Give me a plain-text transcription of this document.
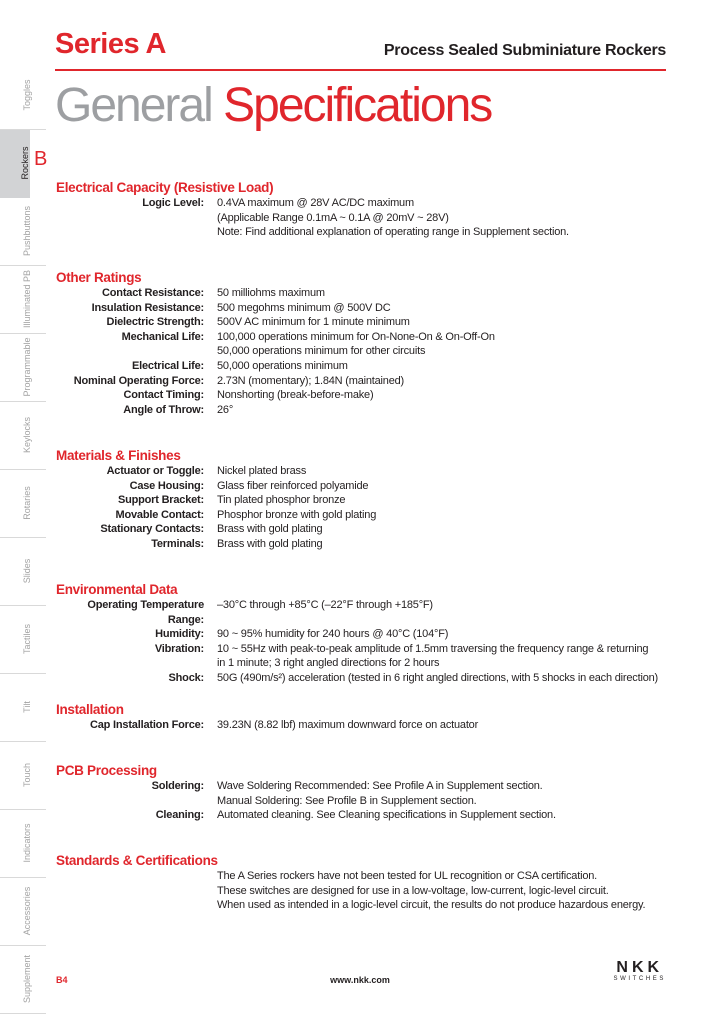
Series A	Process Sealed Subminiature Rockers
General Specifications
Toggles
Rockers
Pushbuttons
Illuminated PB
Programmable
Keylocks
Rotaries
Slides
Tactiles
Tilt
Touch
Indicators
Accessories
Supplement
B
Electrical Capacity (Resistive Load)
Logic Level:	0.4VA maximum @ 28V AC/DC maximum
(Applicable Range 0.1mA ~ 0.1A @ 20mV ~ 28V)
Note: Find additional explanation of operating range in Supplement section.
Other Ratings
Contact Resistance:	50 milliohms maximum
Insulation Resistance:	500 megohms minimum @ 500V DC
Dielectric Strength:	500V AC minimum for 1 minute minimum
Mechanical Life:	100,000 operations minimum for On-None-On & On-Off-On
50,000 operations minimum for other circuits
Electrical Life:	50,000 operations minimum
Nominal Operating Force:	2.73N (momentary); 1.84N (maintained)
Contact Timing:	Nonshorting (break-before-make)
Angle of Throw:	26°
Materials & Finishes
Actuator or Toggle:	Nickel plated brass
Case Housing:	Glass fiber reinforced polyamide
Support Bracket:	Tin plated phosphor bronze
Movable Contact:	Phosphor bronze with gold plating
Stationary Contacts:	Brass with gold plating
Terminals:	Brass with gold plating
Environmental Data
Operating Temperature Range:
–30°C through +85°C (–22°F through +185°F)
Humidity:	90 ~ 95% humidity for 240 hours @ 40°C (104°F)
Vibration:	10 ~ 55Hz with peak-to-peak amplitude of 1.5mm traversing the frequency range & returning
in 1 minute; 3 right angled directions for 2 hours
Shock:	50G (490m/s²) acceleration (tested in 6 right angled directions, with 5 shocks in each direction)
Installation
Cap Installation Force:	39.23N (8.82 lbf) maximum downward force on actuator
PCB Processing
Soldering:	Wave Soldering Recommended: See Profile A in Supplement section.
Manual Soldering: See Profile B in Supplement section.
Cleaning:	Automated cleaning. See Cleaning specifications in Supplement section.
Standards & Certifications
The A Series rockers have not been tested for UL recognition or CSA certification.
These switches are designed for use in a low-voltage, low-current, logic-level circuit.
When used as intended in a logic-level circuit, the results do not produce hazardous energy.
B4	www.nkk.com
NKK
SWITCHES
